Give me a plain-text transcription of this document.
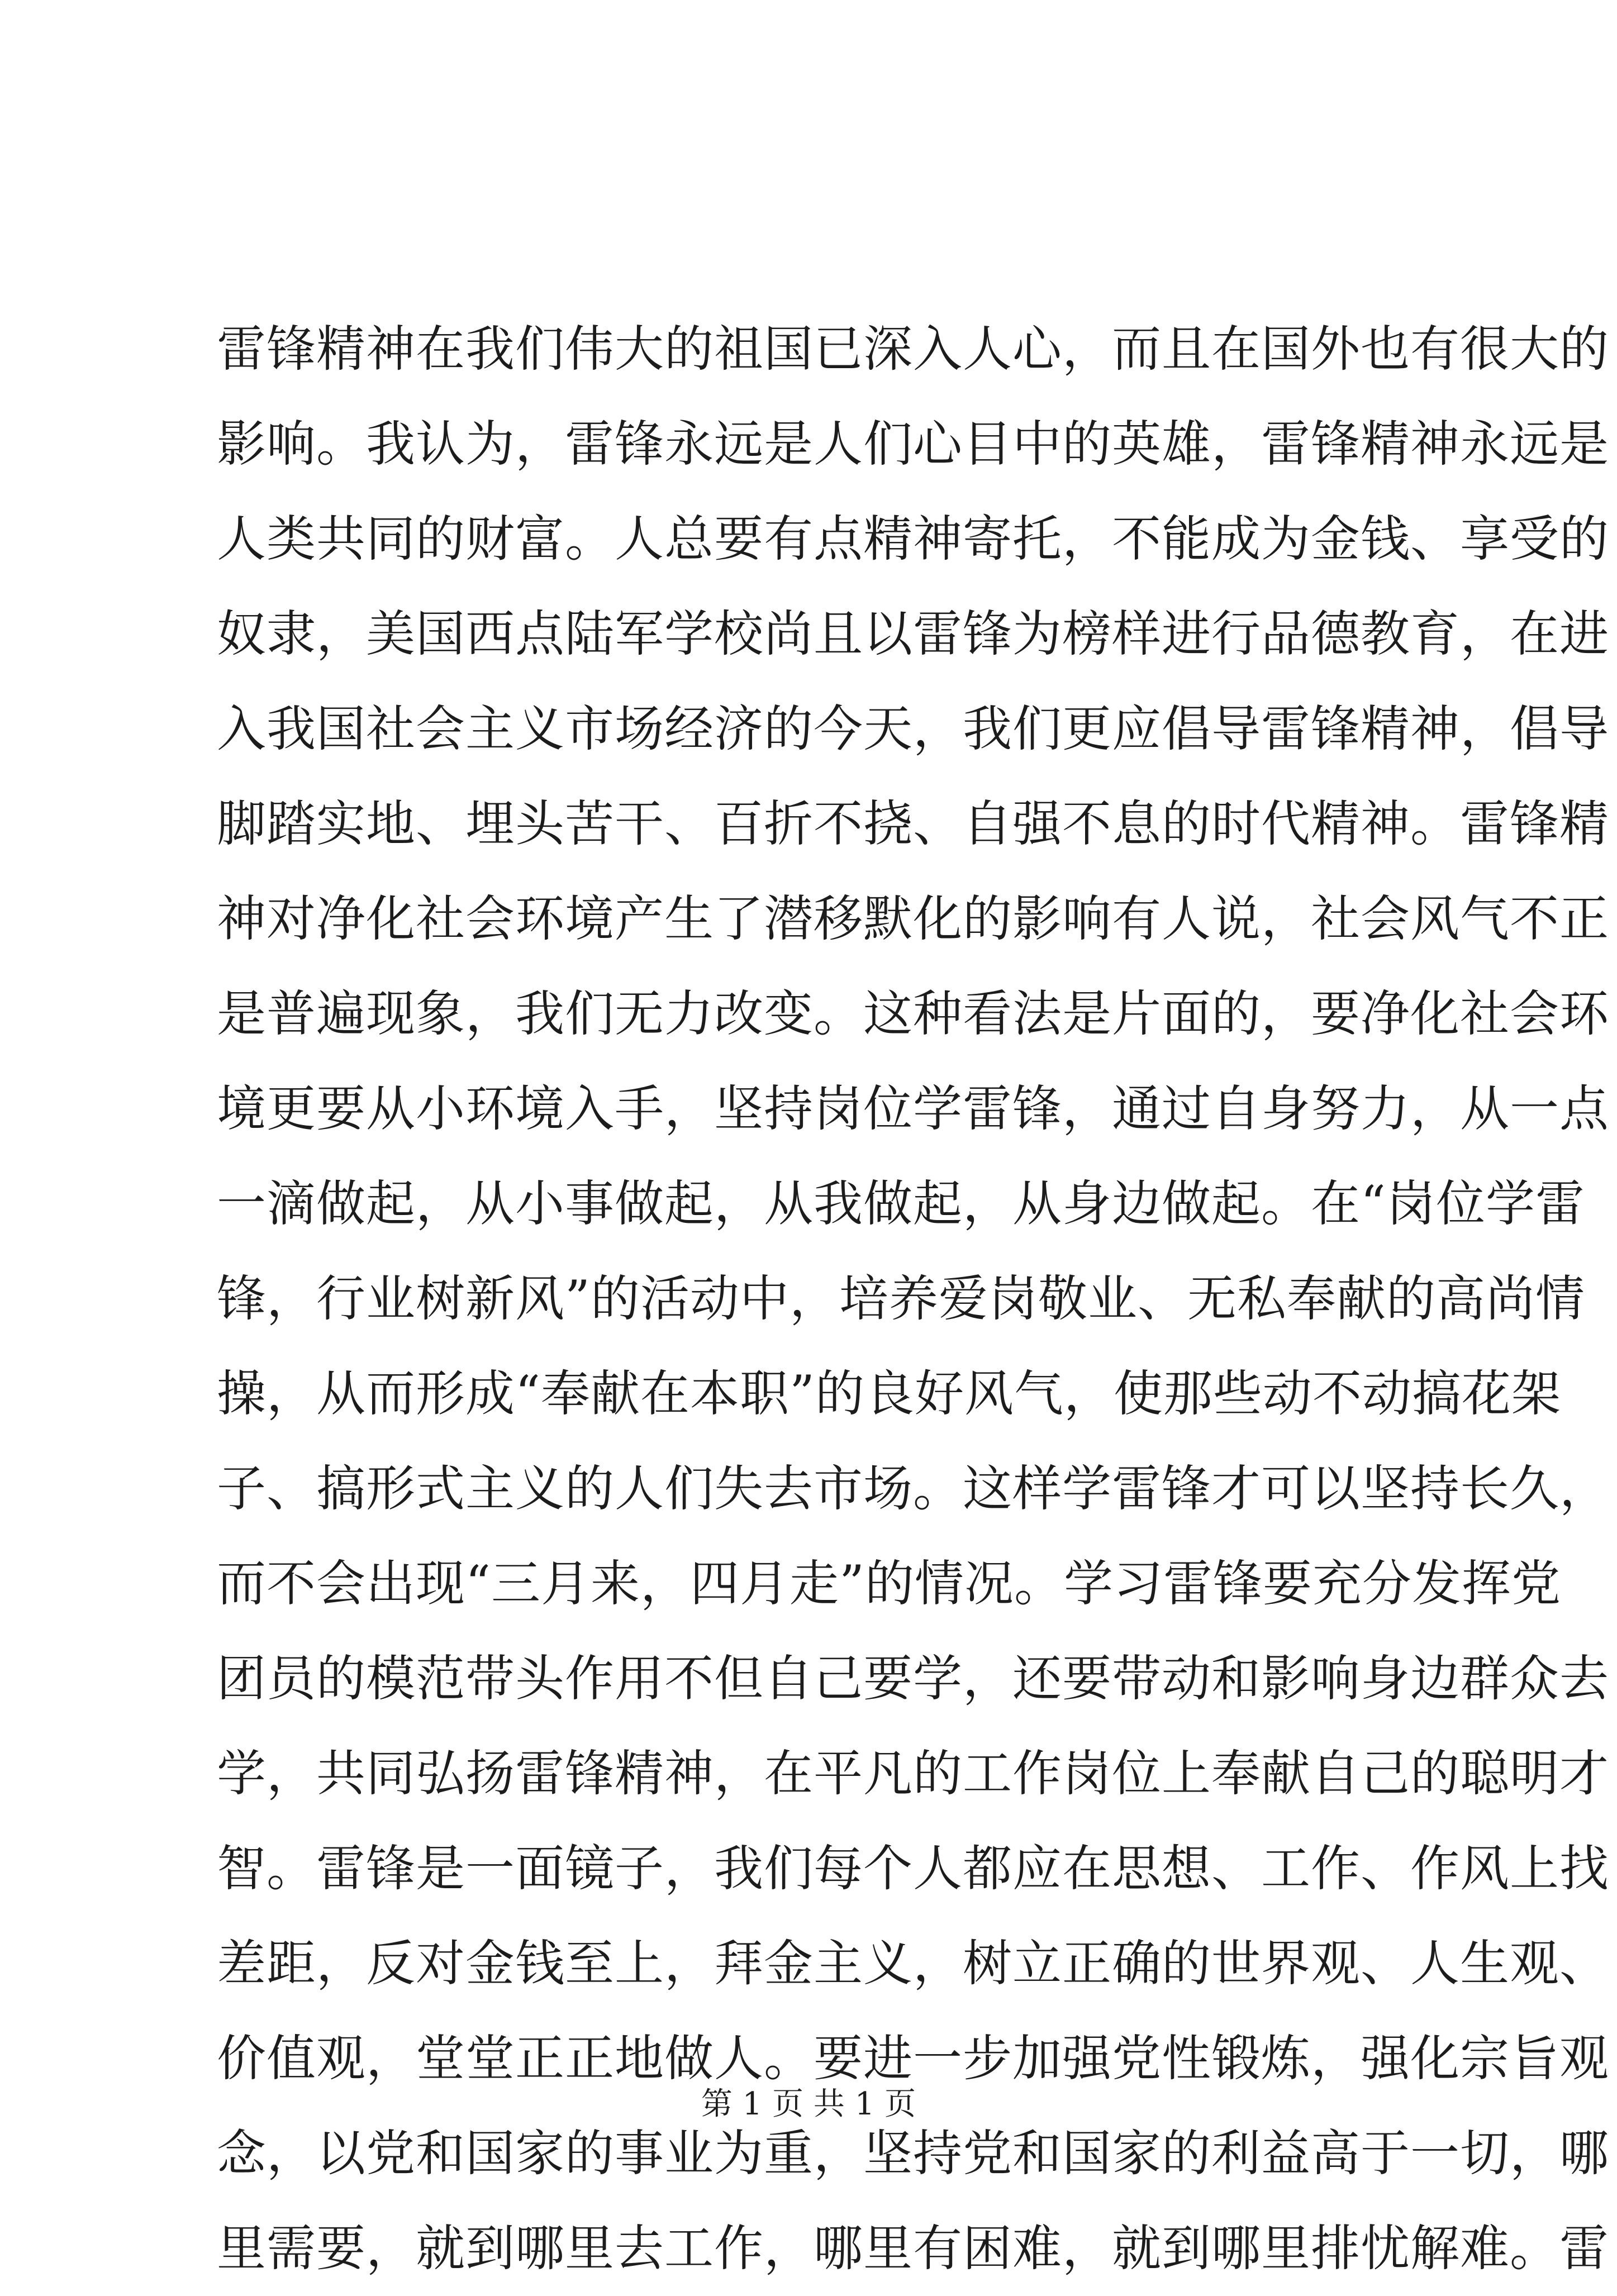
雷锋精神在我们伟大的祖国已深入人心，而且在国外也有很大的
影响。我认为，雷锋永远是人们心目中的英雄，雷锋精神永远是
人类共同的财富。人总要有点精神寄托，不能成为金钱、享受的
奴隶，美国西点陆军学校尚且以雷锋为榜样进行品德教育，在进
入我国社会主义市场经济的今天，我们更应倡导雷锋精神，倡导
脚踏实地、埋头苦干、百折不挠、自强不息的时代精神。雷锋精
神对净化社会环境产生了潜移默化的影响有人说，社会风气不正
是普遍现象，我们无力改变。这种看法是片面的，要净化社会环
境更要从小环境入手，坚持岗位学雷锋，通过自身努力，从一点
一滴做起，从小事做起，从我做起，从身边做起。在“岗位学雷
锋，行业树新风”的活动中，培养爱岗敬业、无私奉献的高尚情
操，从而形成“奉献在本职”的良好风气，使那些动不动搞花架
子、搞形式主义的人们失去市场。这样学雷锋才可以坚持长久，
而不会出现“三月来，四月走”的情况。学习雷锋要充分发挥党
团员的模范带头作用不但自己要学，还要带动和影响身边群众去
学，共同弘扬雷锋精神，在平凡的工作岗位上奉献自己的聪明才
智。雷锋是一面镜子，我们每个人都应在思想、工作、作风上找
差距，反对金钱至上，拜金主义，树立正确的世界观、人生观、
价值观，堂堂正正地做人。要进一步加强党性锻炼，强化宗旨观
念，以党和国家的事业为重，坚持党和国家的利益高于一切，哪
里需要，就到哪里去工作，哪里有困难，就到哪里排忧解难。雷
第 1 页 共 1 页
